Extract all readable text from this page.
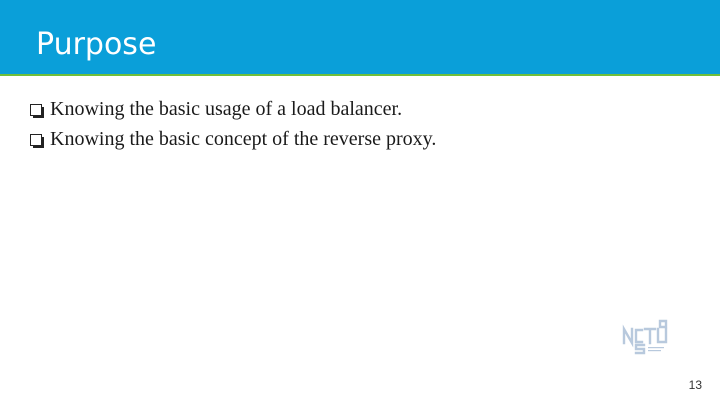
Purpose
Knowing the basic usage of a load balancer.
Knowing the basic concept of the reverse proxy.
13
